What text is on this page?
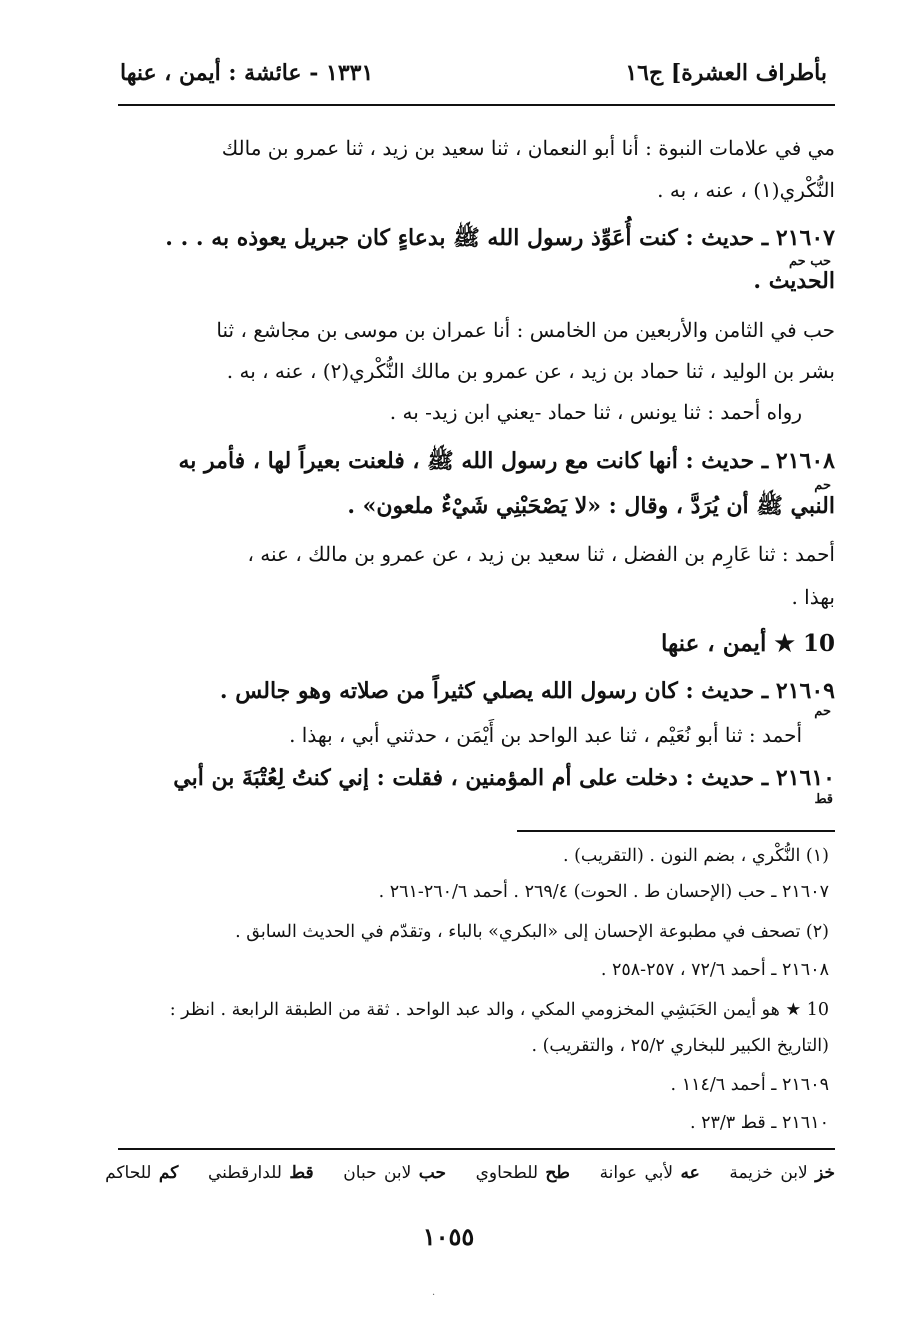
بأطراف العشرة] ج١٦
١٣٣١ - عائشة : أيمن ، عنها
مي في علامات النبوة : أنا أبو النعمان ، ثنا سعيد بن زيد ، ثنا عمرو بن مالك
النُّكْري(١) ، عنه ، به .
٢١٦٠٧ ـ حديث : كنت أُعَوِّذ رسول الله ﷺ بدعاءٍ كان جبريل يعوذه به . . .
حب حم
الحديث .
حب في الثامن والأربعين من الخامس : أنا عمران بن موسى بن مجاشع ، ثنا
بشر بن الوليد ، ثنا حماد بن زيد ، عن عمرو بن مالك النُّكْري(٢) ، عنه ، به .
رواه أحمد : ثنا يونس ، ثنا حماد -يعني ابن زيد- به .
٢١٦٠٨ ـ حديث : أنها كانت مع رسول الله ﷺ ، فلعنت بعيراً لها ، فأمر به
حم
النبي ﷺ أن يُرَدَّ ، وقال : «لا يَصْحَبْنِي شَيْءٌ ملعون» .
أحمد : ثنا عَارِم بن الفضل ، ثنا سعيد بن زيد ، عن عمرو بن مالك ، عنه ،
بهذا .
10 ★ أيمن ، عنها
٢١٦٠٩ ـ حديث : كان رسول الله يصلي كثيراً من صلاته وهو جالس .
حم
أحمد : ثنا أبو نُعَيْم ، ثنا عبد الواحد بن أَيْمَن ، حدثني أبي ، بهذا .
٢١٦١٠ ـ حديث : دخلت على أم المؤمنين ، فقلت : إني كنتُ لِعُتْبَةَ بن أبي
قط
(١) النُّكْري ، بضم النون . (التقريب) .
٢١٦٠٧ ـ حب (الإحسان ط . الحوت) ٢٦٩/٤ . أحمد ٢٦٠/٦-٢٦١ .
(٢) تصحف في مطبوعة الإحسان إلى «البكري» بالباء ، وتقدّم في الحديث السابق .
٢١٦٠٨ ـ أحمد ٧٢/٦ ، ٢٥٧-٢٥٨ .
10 ★ هو أيمن الحَبَشِي المخزومي المكي ، والد عبد الواحد . ثقة من الطبقة الرابعة . انظر :
(التاريخ الكبير للبخاري ٢٥/٢ ، والتقريب) .
٢١٦٠٩ ـ أحمد ١١٤/٦ .
٢١٦١٠ ـ قط ٢٣/٣ .
خز لابن خزيمة    عه لأبي عوانة    طح للطحاوي    حب لابن حبان    قط للدارقطني    كم للحاكم
١٠٥٥
·
